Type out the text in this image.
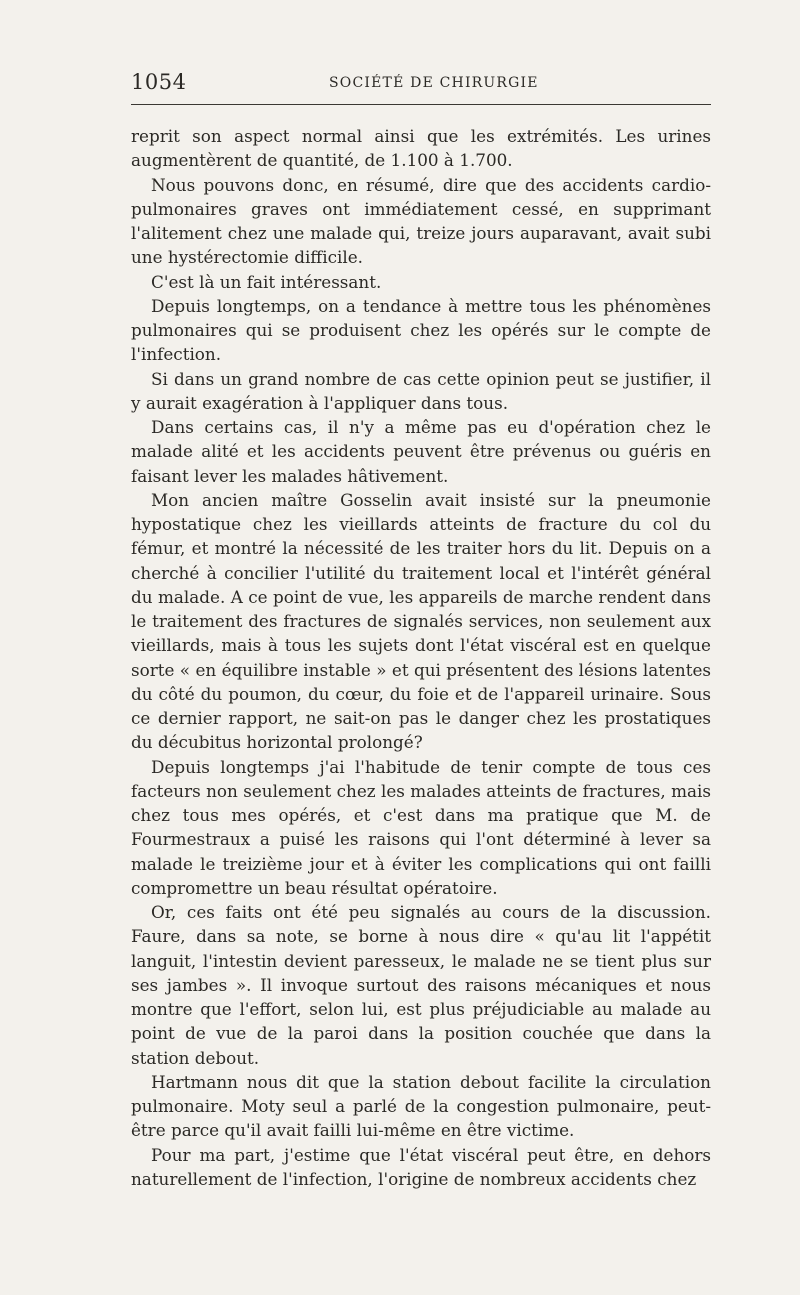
1054	SOCIÉTÉ DE CHIRURGIE

reprit son aspect normal ainsi que les extrémités. Les urines augmentèrent de quantité, de 1.100 à 1.700.

Nous pouvons donc, en résumé, dire que des accidents cardio-pulmonaires graves ont immédiatement cessé, en supprimant l'alitement chez une malade qui, treize jours auparavant, avait subi une hystérectomie difficile.

C'est là un fait intéressant.

Depuis longtemps, on a tendance à mettre tous les phénomènes pulmonaires qui se produisent chez les opérés sur le compte de l'infection.

Si dans un grand nombre de cas cette opinion peut se justifier, il y aurait exagération à l'appliquer dans tous.

Dans certains cas, il n'y a même pas eu d'opération chez le malade alité et les accidents peuvent être prévenus ou guéris en faisant lever les malades hâtivement.

Mon ancien maître Gosselin avait insisté sur la pneumonie hypostatique chez les vieillards atteints de fracture du col du fémur, et montré la nécessité de les traiter hors du lit. Depuis on a cherché à concilier l'utilité du traitement local et l'intérêt général du malade. A ce point de vue, les appareils de marche rendent dans le traitement des fractures de signalés services, non seulement aux vieillards, mais à tous les sujets dont l'état viscéral est en quelque sorte « en équilibre instable » et qui présentent des lésions latentes du côté du poumon, du cœur, du foie et de l'appareil urinaire. Sous ce dernier rapport, ne sait-on pas le danger chez les prostatiques du décubitus horizontal prolongé?

Depuis longtemps j'ai l'habitude de tenir compte de tous ces facteurs non seulement chez les malades atteints de fractures, mais chez tous mes opérés, et c'est dans ma pratique que M. de Fourmestraux a puisé les raisons qui l'ont déterminé à lever sa malade le treizième jour et à éviter les complications qui ont failli compromettre un beau résultat opératoire.

Or, ces faits ont été peu signalés au cours de la discussion. Faure, dans sa note, se borne à nous dire « qu'au lit l'appétit languit, l'intestin devient paresseux, le malade ne se tient plus sur ses jambes ». Il invoque surtout des raisons mécaniques et nous montre que l'effort, selon lui, est plus préjudiciable au malade au point de vue de la paroi dans la position couchée que dans la station debout.

Hartmann nous dit que la station debout facilite la circulation pulmonaire. Moty seul a parlé de la congestion pulmonaire, peut-être parce qu'il avait failli lui-même en être victime.

Pour ma part, j'estime que l'état viscéral peut être, en dehors naturellement de l'infection, l'origine de nombreux accidents chez
